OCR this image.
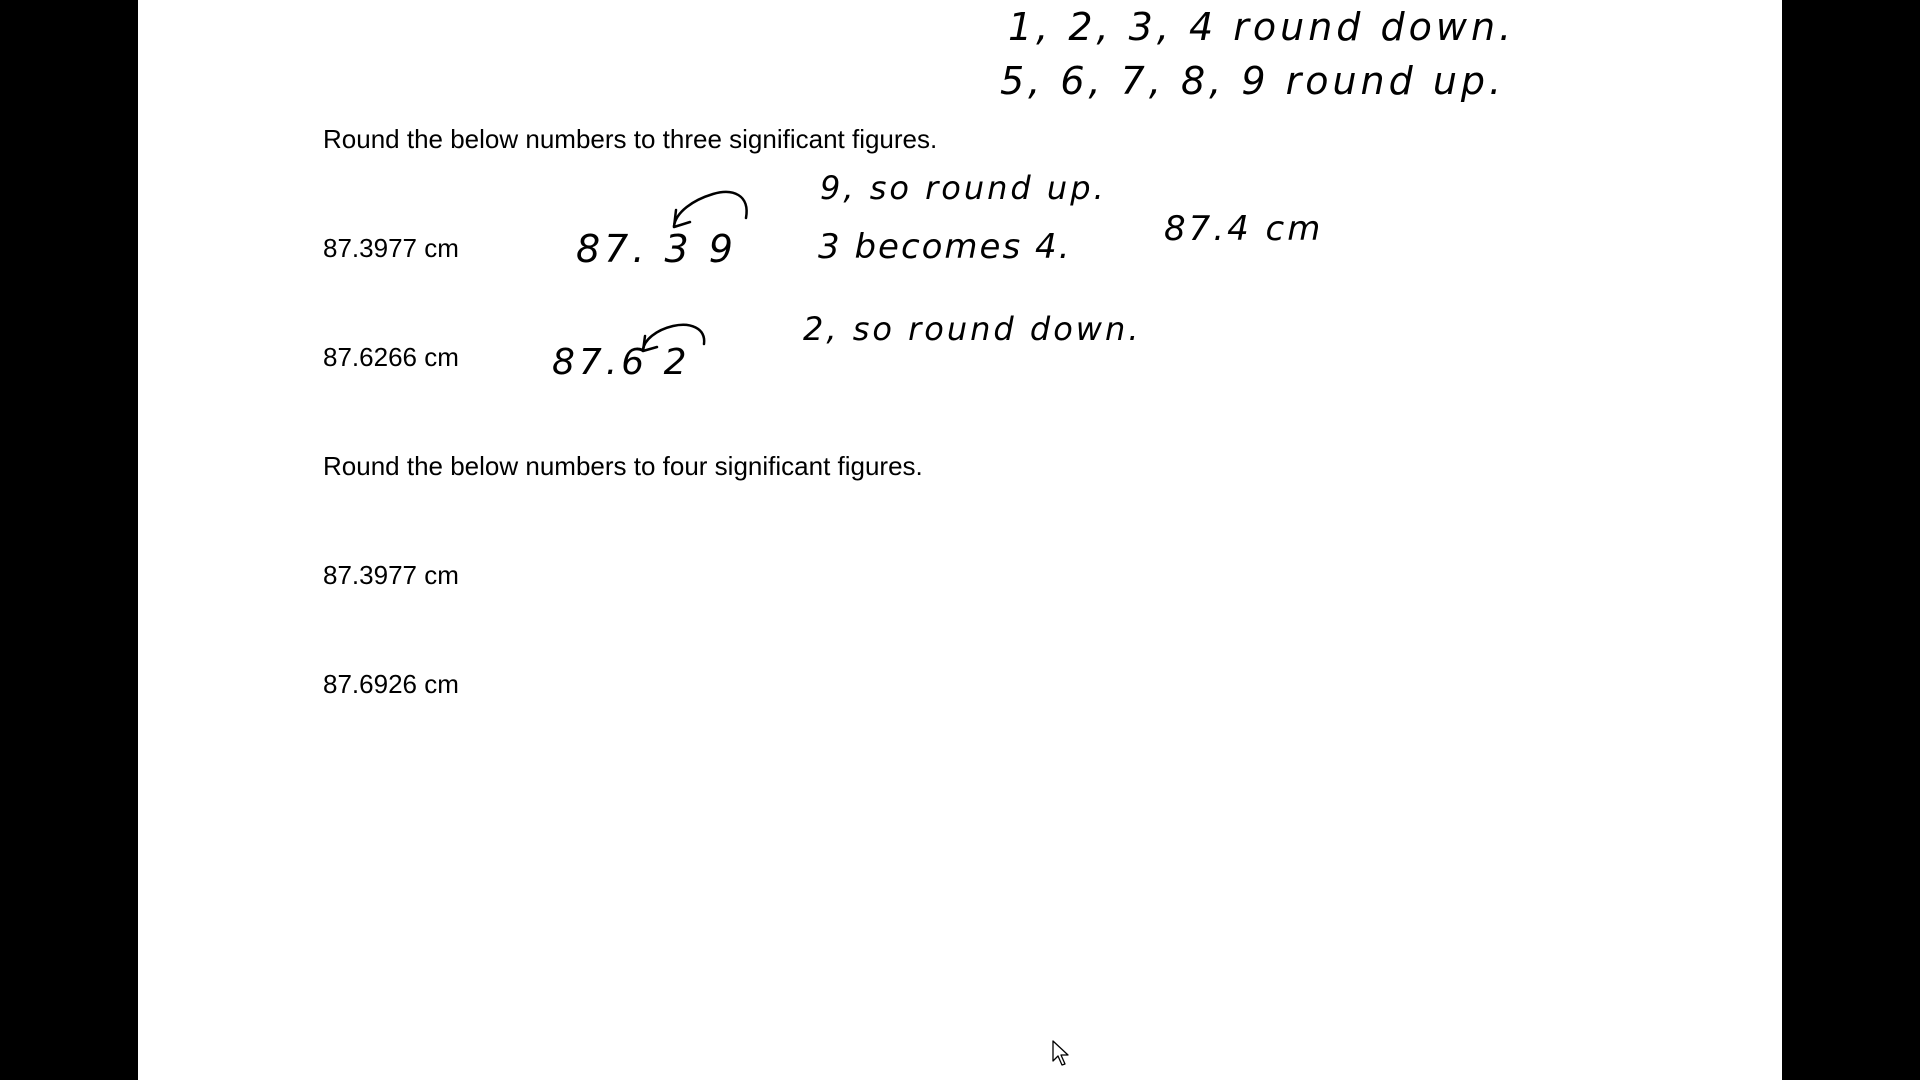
Round the below numbers to three significant figures.
87.3977 cm
87.6266 cm
Round the below numbers to four significant figures.
87.3977 cm
87.6926 cm
1, 2, 3, 4 round down.
5, 6, 7, 8, 9 round up.
87. 3 9
9, so round up.
3 becomes 4.	87.4 cm
87.6 2
2, so round down.
